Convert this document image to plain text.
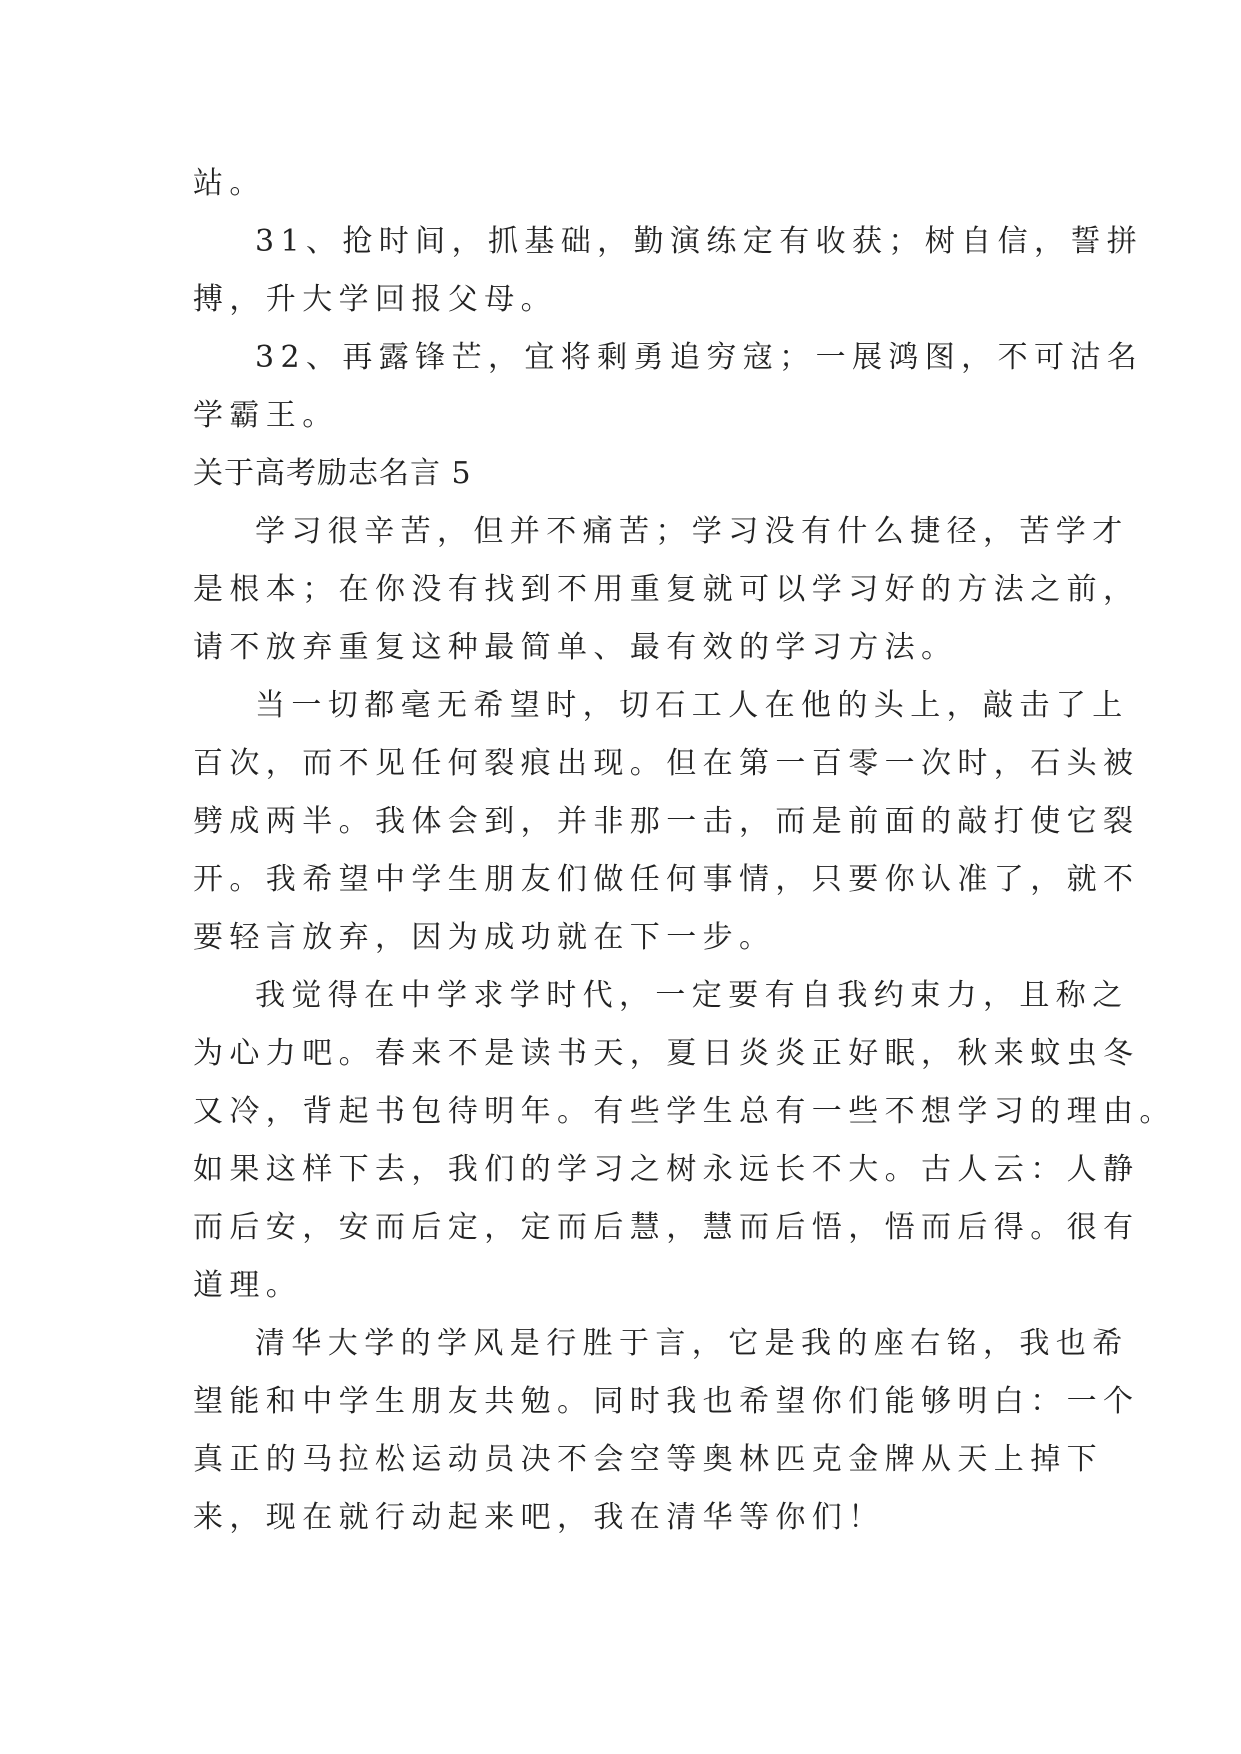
站。
31、抢时间，抓基础，勤演练定有收获；树自信，誓拼
搏，升大学回报父母。
32、再露锋芒，宜将剩勇追穷寇；一展鸿图，不可沽名
学霸王。
关于高考励志名言 5
学习很辛苦，但并不痛苦；学习没有什么捷径，苦学才
是根本；在你没有找到不用重复就可以学习好的方法之前，
请不放弃重复这种最简单、最有效的学习方法。
当一切都毫无希望时，切石工人在他的头上，敲击了上
百次，而不见任何裂痕出现。但在第一百零一次时，石头被
劈成两半。我体会到，并非那一击，而是前面的敲打使它裂
开。我希望中学生朋友们做任何事情，只要你认准了，就不
要轻言放弃，因为成功就在下一步。
我觉得在中学求学时代，一定要有自我约束力，且称之
为心力吧。春来不是读书天，夏日炎炎正好眠，秋来蚊虫冬
又冷，背起书包待明年。有些学生总有一些不想学习的理由。
如果这样下去，我们的学习之树永远长不大。古人云：人静
而后安，安而后定，定而后慧，慧而后悟，悟而后得。很有
道理。
清华大学的学风是行胜于言，它是我的座右铭，我也希
望能和中学生朋友共勉。同时我也希望你们能够明白：一个
真正的马拉松运动员决不会空等奥林匹克金牌从天上掉下
来，现在就行动起来吧，我在清华等你们！
